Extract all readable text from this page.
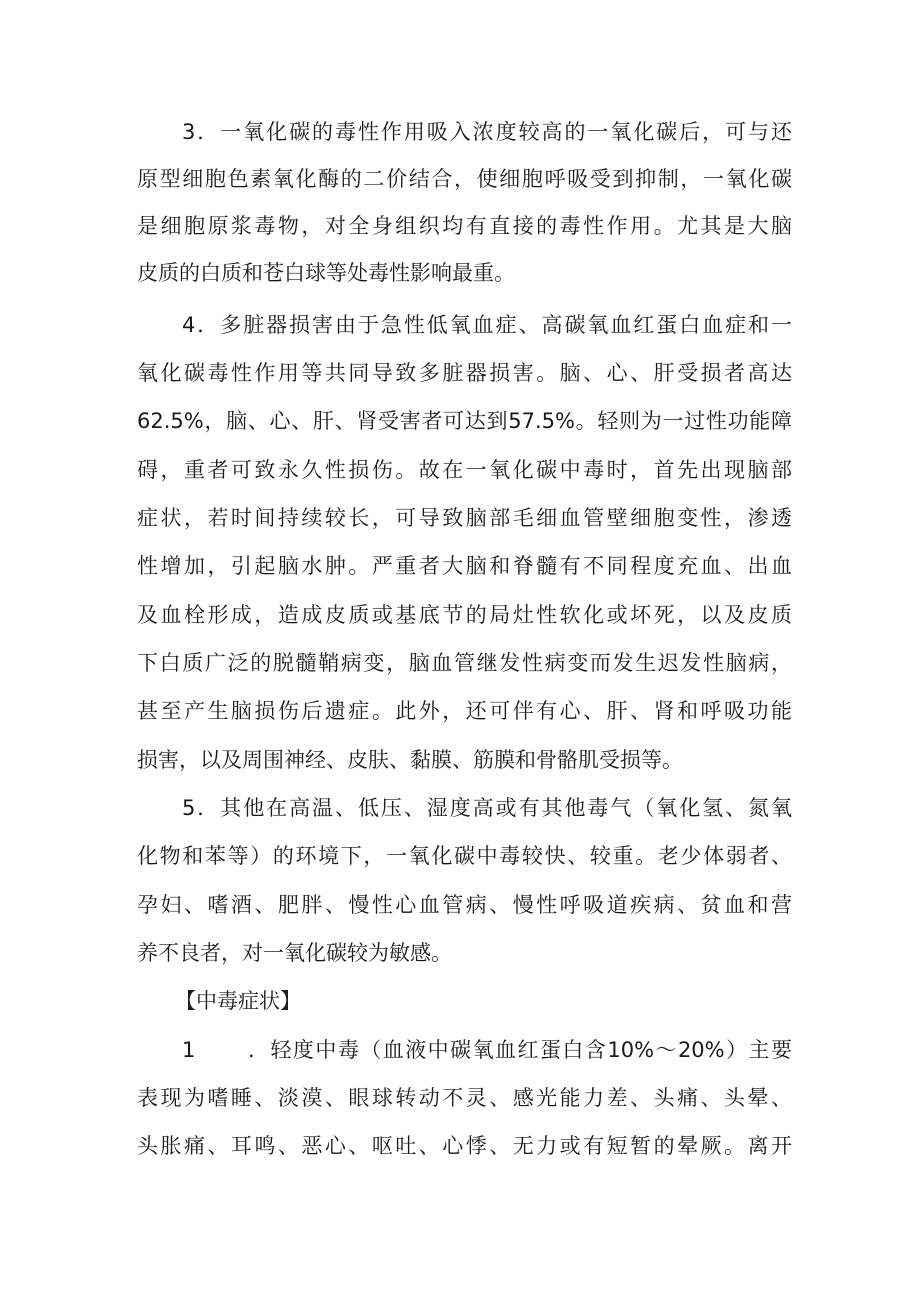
3．一氧化碳的毒性作用吸入浓度较高的一氧化碳后，可与还
原型细胞色素氧化酶的二价结合，使细胞呼吸受到抑制，一氧化碳
是细胞原浆毒物，对全身组织均有直接的毒性作用。尤其是大脑
皮质的白质和苍白球等处毒性影响最重。
4．多脏器损害由于急性低氧血症、高碳氧血红蛋白血症和一
氧化碳毒性作用等共同导致多脏器损害。脑、心、肝受损者高达
62.5%，脑、心、肝、肾受害者可达到57.5%。轻则为一过性功能障
碍，重者可致永久性损伤。故在一氧化碳中毒时，首先出现脑部
症状，若时间持续较长，可导致脑部毛细血管壁细胞变性，渗透
性增加，引起脑水肿。严重者大脑和脊髓有不同程度充血、出血
及血栓形成，造成皮质或基底节的局灶性软化或坏死，以及皮质
下白质广泛的脱髓鞘病变，脑血管继发性病变而发生迟发性脑病，
甚至产生脑损伤后遗症。此外，还可伴有心、肝、肾和呼吸功能
损害，以及周围神经、皮肤、黏膜、筋膜和骨骼肌受损等。
5．其他在高温、低压、湿度高或有其他毒气（氧化氢、氮氧
化物和苯等）的环境下，一氧化碳中毒较快、较重。老少体弱者、
孕妇、嗜酒、肥胖、慢性心血管病、慢性呼吸道疾病、贫血和营
养不良者，对一氧化碳较为敏感。
【中毒症状】
1	．轻度中毒（血液中碳氧血红蛋白含10%～20%）主要
表现为嗜睡、淡漠、眼球转动不灵、感光能力差、头痛、头晕、
头胀痛、耳鸣、恶心、呕吐、心悸、无力或有短暂的晕厥。离开
